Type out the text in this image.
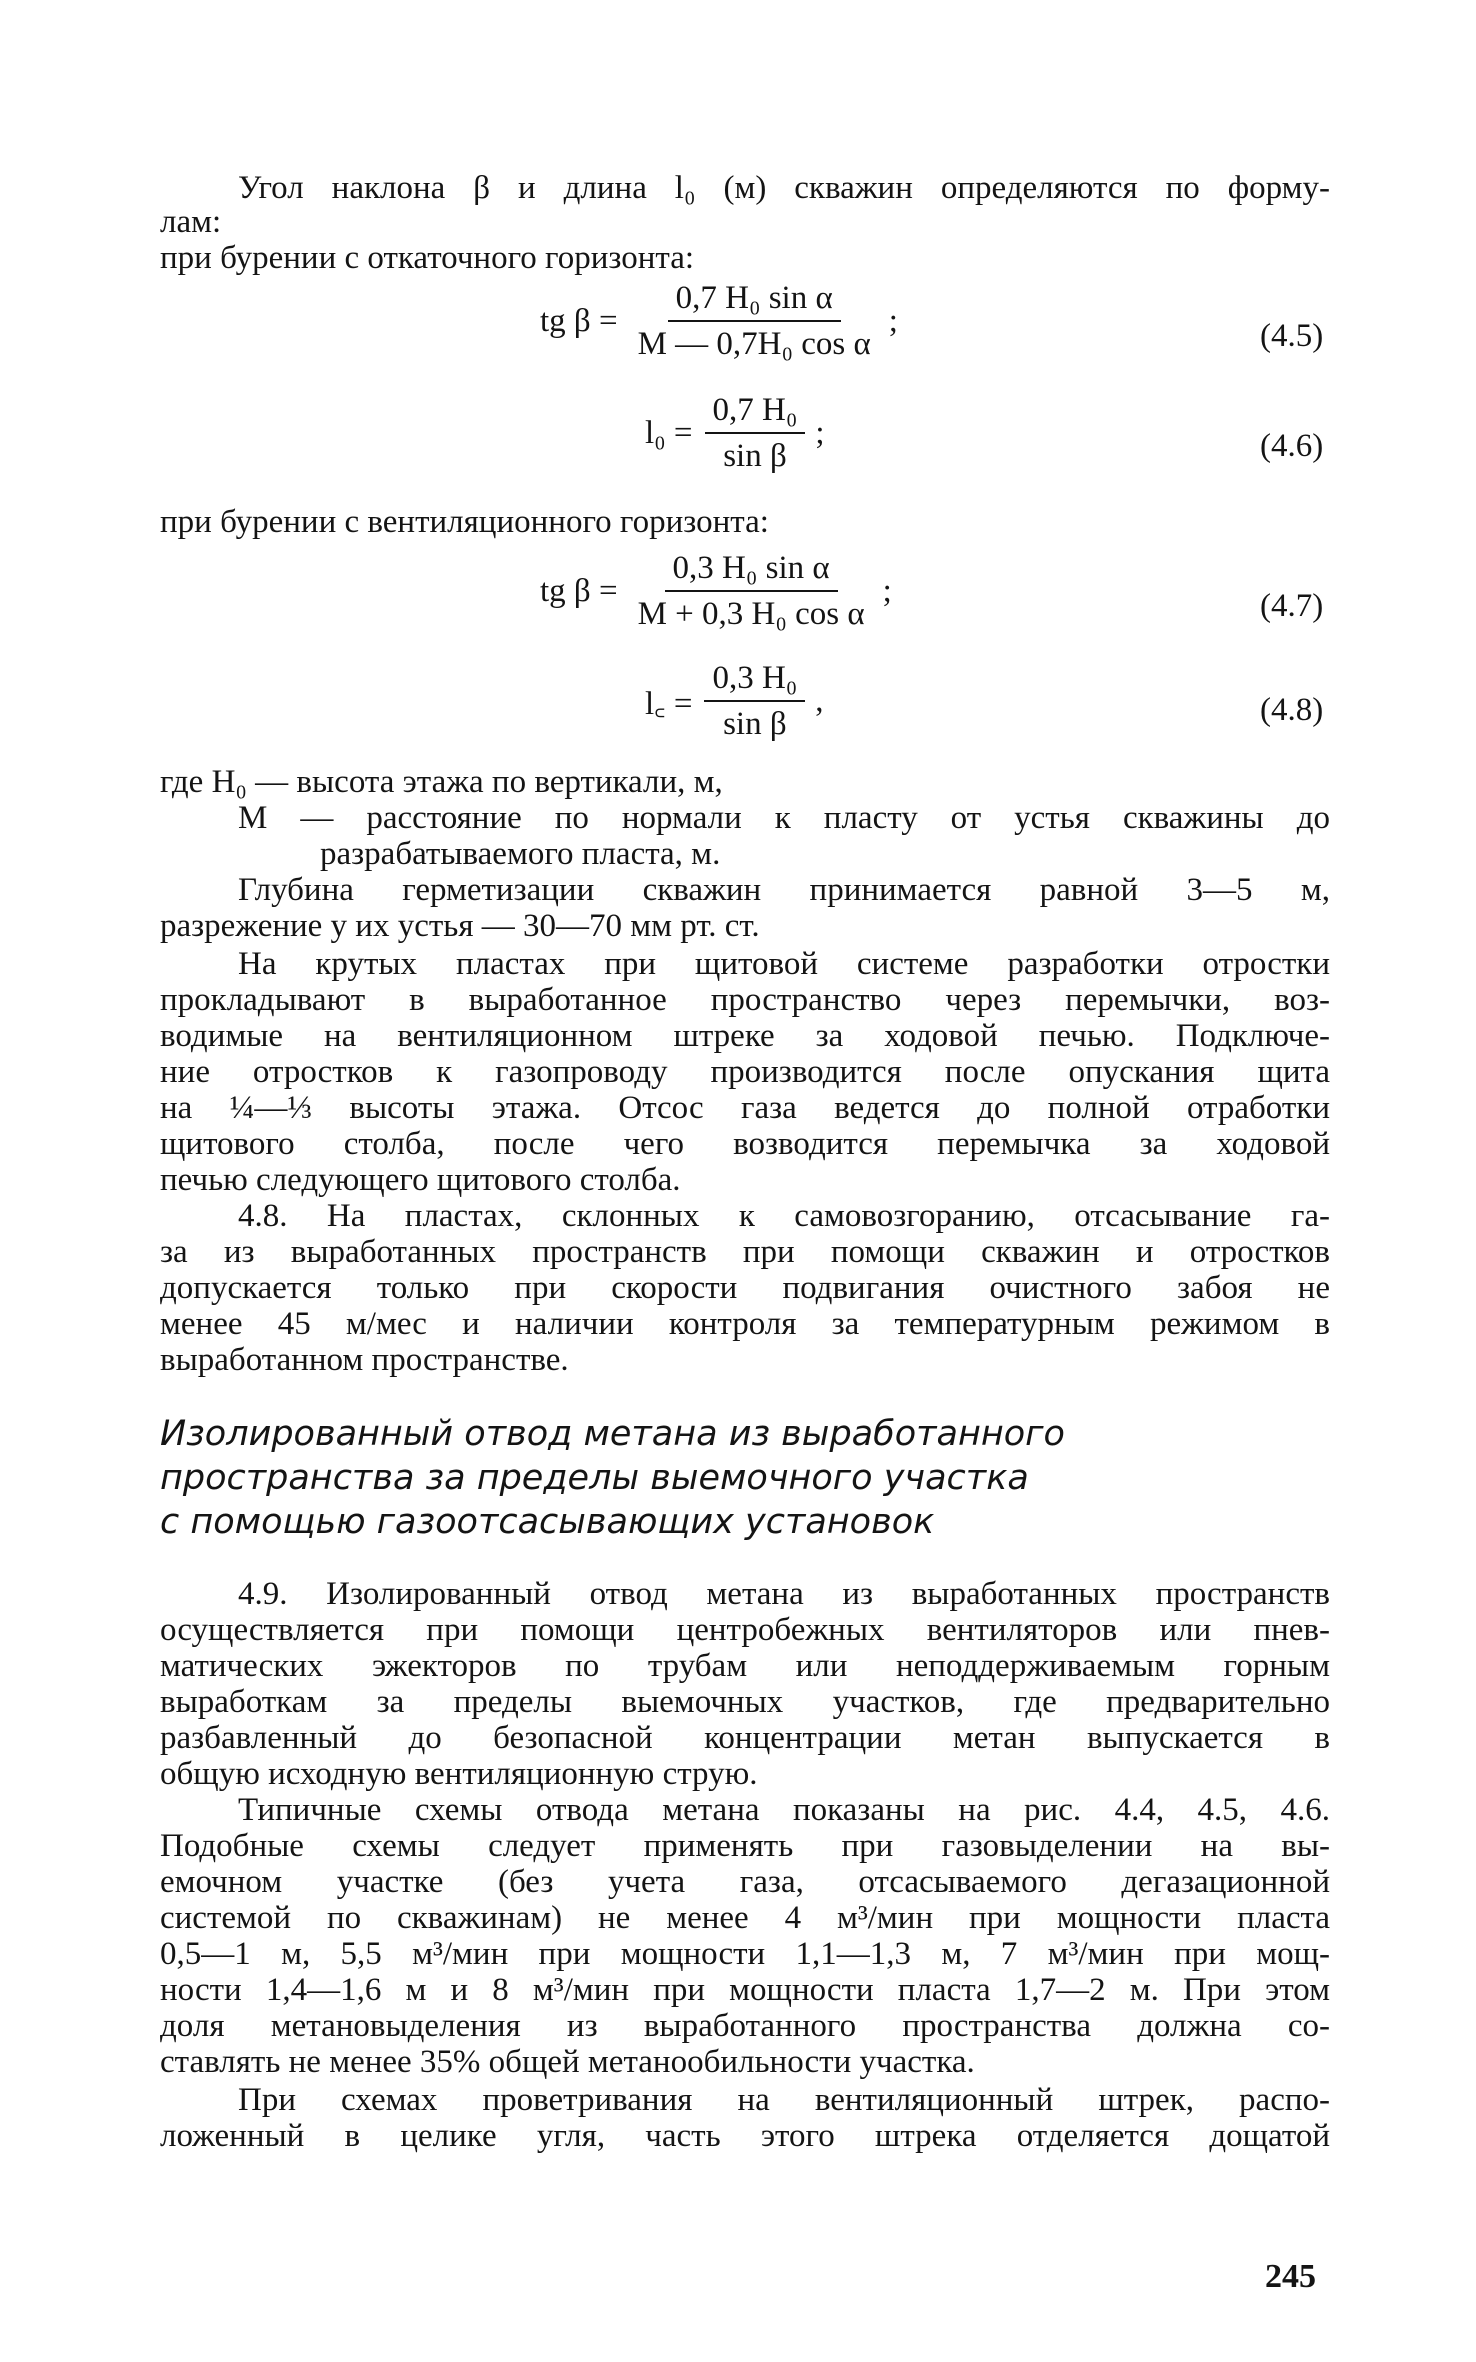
Угол наклона β и длина l₀ (м) скважин определяются по форму-
лам:
при бурении с откаточного горизонта:
tg $\beta = \frac{\text{0,7 H₀ sin α}}{\text{M — 0,7H₀ cos α}}$ ;	(4.5)
$l_0 = \frac{\text{0,7 H₀}}{\text{sin β}}$ ;	(4.6)
при бурении с вентиляционного горизонта:
tg $\beta = \frac{\text{0,3 H₀ sin α}}{\text{M + 0,3 H₀ cos α}}$ ;	(4.7)
l꜀ = $\frac{\text{0,3 H₀}}{\text{sin β}}$ ,	(4.8)
где H₀ — высота этажа по вертикали, м,
M — расстояние по нормали к пласту от устья скважины до
разрабатываемого пласта, м.
Глубина герметизации скважин принимается равной 3—5 м,
разрежение у их устья — 30—70 мм рт. ст.
На крутых пластах при щитовой системе разработки отростки
прокладывают в выработанное пространство через перемычки, воз-
водимые на вентиляционном штреке за ходовой печью. Подключе-
ние отростков к газопроводу производится после опускания щита
на ¼—⅓ высоты этажа. Отсос газа ведется до полной отработки
щитового столба, после чего возводится перемычка за ходовой
печью следующего щитового столба.
4.8. На пластах, склонных к самовозгоранию, отсасывание га-
за из выработанных пространств при помощи скважин и отростков
допускается только при скорости подвигания очистного забоя не
менее 45 м/мес и наличии контроля за температурным режимом в
выработанном пространстве.
Изолированный отвод метана из выработанного
пространства за пределы выемочного участка
с помощью газоотсасывающих установок
4.9. Изолированный отвод метана из выработанных пространств
осуществляется при помощи центробежных вентиляторов или пнев-
матических эжекторов по трубам или неподдерживаемым горным
выработкам за пределы выемочных участков, где предварительно
разбавленный до безопасной концентрации метан выпускается в
общую исходную вентиляционную струю.
Типичные схемы отвода метана показаны на рис. 4.4, 4.5, 4.6.
Подобные схемы следует применять при газовыделении на вы-
емочном участке (без учета газа, отсасываемого дегазационной
системой по скважинам) не менее 4 м³/мин при мощности пласта
0,5—1 м, 5,5 м³/мин при мощности 1,1—1,3 м, 7 м³/мин при мощ-
ности 1,4—1,6 м и 8 м³/мин при мощности пласта 1,7—2 м. При этом
доля метановыделения из выработанного пространства должна со-
ставлять не менее 35% общей метанообильности участка.
При схемах проветривания на вентиляционный штрек, распо-
ложенный в целике угля, часть этого штрека отделяется дощатой
245
